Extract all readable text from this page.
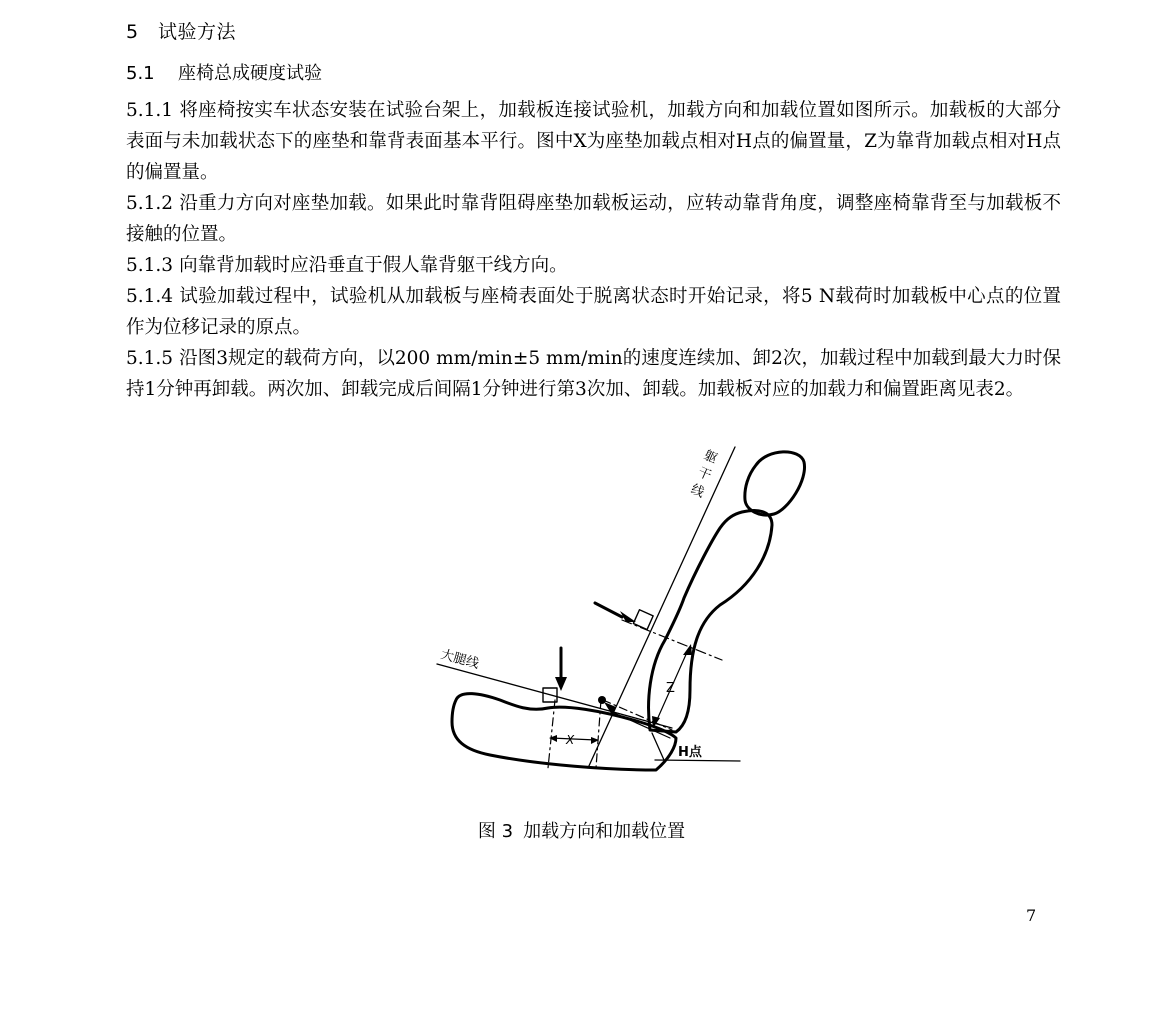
5 试验方法
5.1 座椅总成硬度试验

5.1.1 将座椅按实车状态安装在试验台架上，加载板连接试验机，加载方向和加载位置如图所示。加载板的大部分表面与未加载状态下的座垫和靠背表面基本平行。图中X为座垫加载点相对H点的偏置量，Z为靠背加载点相对H点的偏置量。

5.1.2 沿重力方向对座垫加载。如果此时靠背阻碍座垫加载板运动，应转动靠背角度，调整座椅靠背至与加载板不接触的位置。

5.1.3 向靠背加载时应沿垂直于假人靠背躯干线方向。

5.1.4 试验加载过程中，试验机从加载板与座椅表面处于脱离状态时开始记录，将5 N载荷时加载板中心点的位置作为位移记录的原点。

5.1.5 沿图3规定的载荷方向，以200 mm/min±5 mm/min的速度连续加、卸2次，加载过程中加载到最大力时保持1分钟再卸载。两次加、卸载完成后间隔1分钟进行第3次加、卸载。加载板对应的加载力和偏置距离见表2。

躯
干
线
大腿线
H点
X
Z
图 3 加载方向和加载位置
7
